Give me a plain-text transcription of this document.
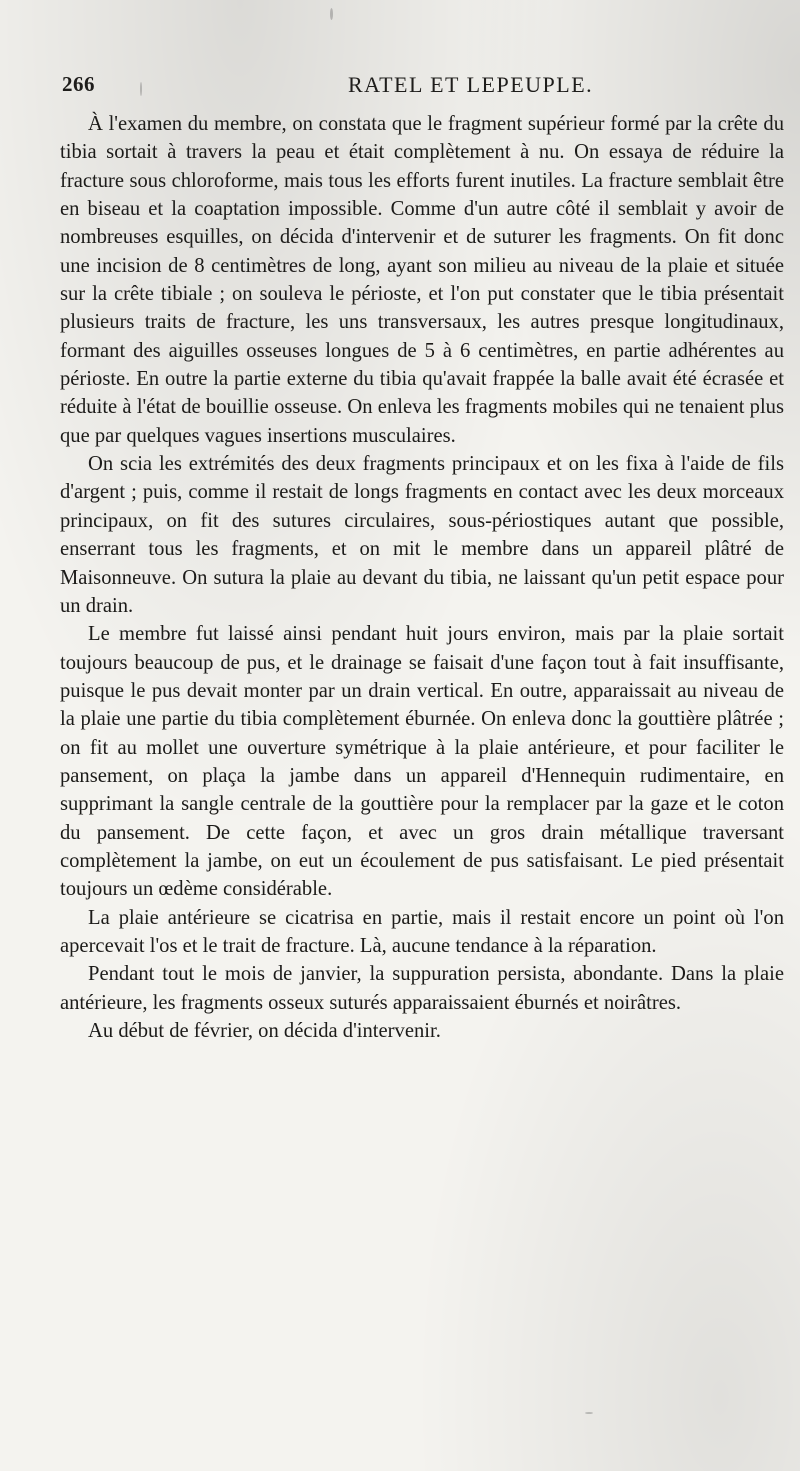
266	RATEL ET LEPEUPLE.

À l'examen du membre, on constata que le fragment supérieur formé par la crête du tibia sortait à travers la peau et était complètement à nu. On essaya de réduire la fracture sous chloroforme, mais tous les efforts furent inutiles. La fracture semblait être en biseau et la coaptation impossible. Comme d'un autre côté il semblait y avoir de nombreuses esquilles, on décida d'intervenir et de suturer les fragments. On fit donc une incision de 8 centimètres de long, ayant son milieu au niveau de la plaie et située sur la crête tibiale ; on souleva le périoste, et l'on put constater que le tibia présentait plusieurs traits de fracture, les uns transversaux, les autres presque longitudinaux, formant des aiguilles osseuses longues de 5 à 6 centimètres, en partie adhérentes au périoste. En outre la partie externe du tibia qu'avait frappée la balle avait été écrasée et réduite à l'état de bouillie osseuse. On enleva les fragments mobiles qui ne tenaient plus que par quelques vagues insertions musculaires.

On scia les extrémités des deux fragments principaux et on les fixa à l'aide de fils d'argent ; puis, comme il restait de longs fragments en contact avec les deux morceaux principaux, on fit des sutures circulaires, sous-périostiques autant que possible, enserrant tous les fragments, et on mit le membre dans un appareil plâtré de Maisonneuve. On sutura la plaie au devant du tibia, ne laissant qu'un petit espace pour un drain.

Le membre fut laissé ainsi pendant huit jours environ, mais par la plaie sortait toujours beaucoup de pus, et le drainage se faisait d'une façon tout à fait insuffisante, puisque le pus devait monter par un drain vertical. En outre, apparaissait au niveau de la plaie une partie du tibia complètement éburnée. On enleva donc la gouttière plâtrée ; on fit au mollet une ouverture symétrique à la plaie antérieure, et pour faciliter le pansement, on plaça la jambe dans un appareil d'Hennequin rudimentaire, en supprimant la sangle centrale de la gouttière pour la remplacer par la gaze et le coton du pansement. De cette façon, et avec un gros drain métallique traversant complètement la jambe, on eut un écoulement de pus satisfaisant. Le pied présentait toujours un œdème considérable.

La plaie antérieure se cicatrisa en partie, mais il restait encore un point où l'on apercevait l'os et le trait de fracture. Là, aucune tendance à la réparation.

Pendant tout le mois de janvier, la suppuration persista, abondante. Dans la plaie antérieure, les fragments osseux suturés apparaissaient éburnés et noirâtres.

Au début de février, on décida d'intervenir.
